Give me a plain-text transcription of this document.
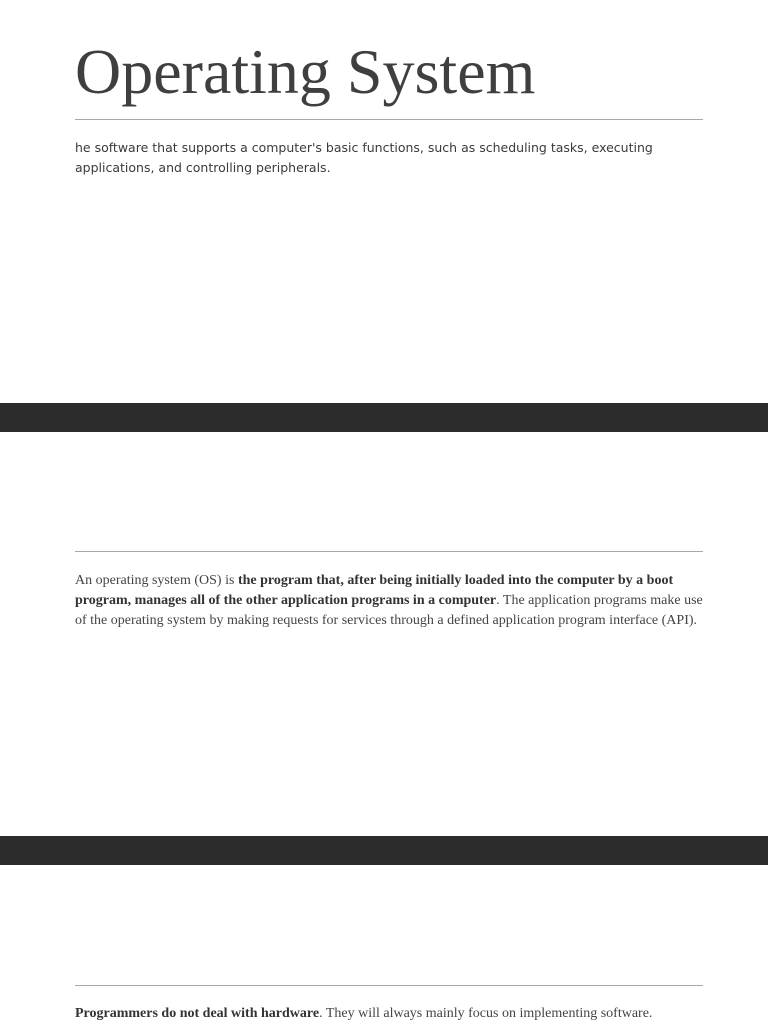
Operating System

he software that supports a computer's basic functions, such as scheduling tasks, executing applications, and controlling peripherals.

An operating system (OS) is the program that, after being initially loaded into the computer by a boot program, manages all of the other application programs in a computer. The application programs make use of the operating system by making requests for services through a defined application program interface (API).

Programmers do not deal with hardware. They will always mainly focus on implementing software.
